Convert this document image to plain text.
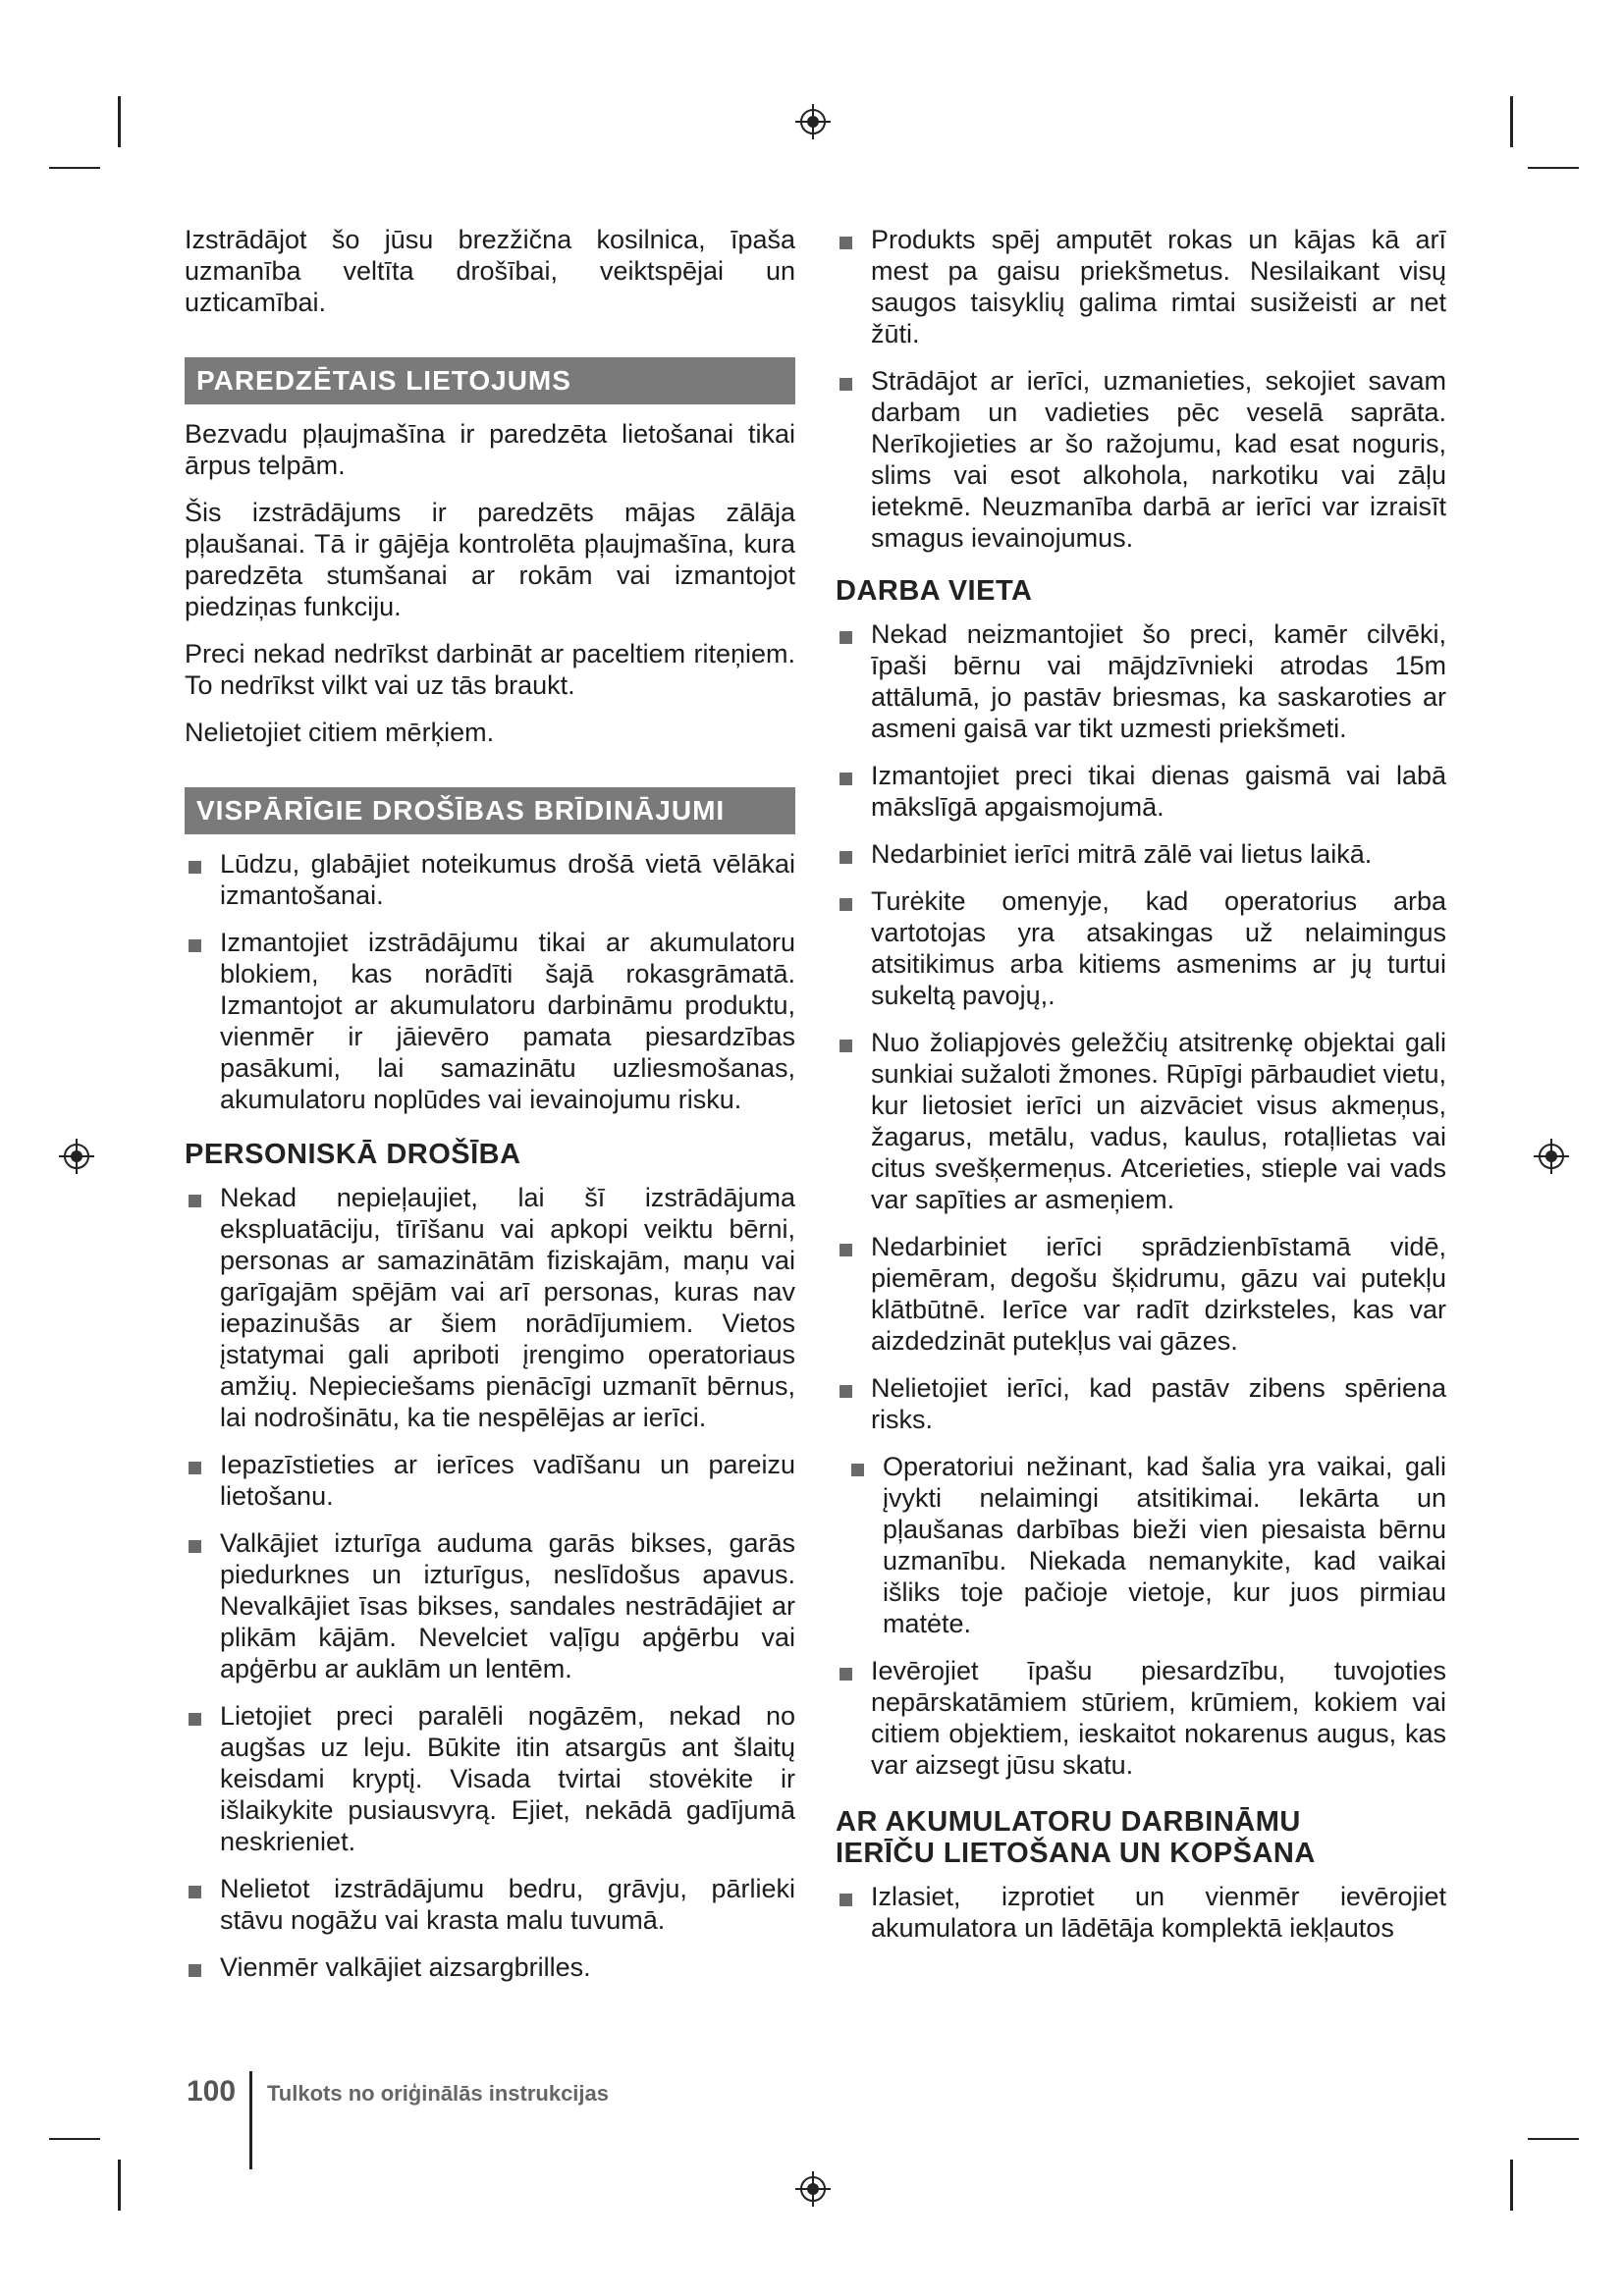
Izstrādājot šo jūsu brezžičnа kosilnica, īpaša uzmanība veltīta drošībai, veiktspējai un uzticamībai.

PAREDZĒTAIS LIETOJUMS

Bezvadu pļaujmašīna ir paredzēta lietošanai tikai ārpus telpām.

Šis izstrādājums ir paredzēts mājas zālāja pļaušanai. Tā ir gājēja kontrolēta pļaujmašīna, kura paredzēta stumšanai ar rokām vai izmantojot piedziņas funkciju.

Preci nekad nedrīkst darbināt ar paceltiem riteņiem. To nedrīkst vilkt vai uz tās braukt.

Nelietojiet citiem mērķiem.

VISPĀRĪGIE DROŠĪBAS BRĪDINĀJUMI
Lūdzu, glabājiet noteikumus drošā vietā vēlākai izmantošanai.
Izmantojiet izstrādājumu tikai ar akumulatoru blokiem, kas norādīti šajā rokasgrāmatā. Izmantojot ar akumulatoru darbināmu produktu, vienmēr ir jāievēro pamata piesardzības pasākumi, lai samazinātu uzliesmošanas, akumulatoru noplūdes vai ievainojumu risku.
PERSONISKĀ DROŠĪBA
Nekad nepieļaujiet, lai šī izstrādājuma ekspluatāciju, tīrīšanu vai apkopi veiktu bērni, personas ar samazinātām fiziskajām, maņu vai garīgajām spējām vai arī personas, kuras nav iepazinušās ar šiem norādījumiem. Vietos įstatymai gali apriboti įrengimo operatoriaus amžių. Nepieciešams pienācīgi uzmanīt bērnus, lai nodrošinātu, ka tie nespēlējas ar ierīci.
Iepazīstieties ar ierīces vadīšanu un pareizu lietošanu.
Valkājiet izturīga auduma garās bikses, garās piedurknes un izturīgus, neslīdošus apavus. Nevalkājiet īsas bikses, sandales nestrādājiet ar plikām kājām. Nevelciet vaļīgu apģērbu vai apģērbu ar auklām un lentēm.
Lietojiet preci paralēli nogāzēm, nekad no augšas uz leju. Būkite itin atsargūs ant šlaitų keisdami kryptį. Visada tvirtai stovėkite ir išlaikykite pusiausvyrą. Ejiet, nekādā gadījumā neskrieniet.
Nelietot izstrādājumu bedru, grāvju, pārlieki stāvu nogāžu vai krasta malu tuvumā.
Vienmēr valkājiet aizsargbrilles.
Produkts spēj amputēt rokas un kājas kā arī mest pa gaisu priekšmetus. Nesilaikant visų saugos taisyklių galima rimtai susižeisti ar net žūti.
Strādājot ar ierīci, uzmanieties, sekojiet savam darbam un vadieties pēc veselā saprāta. Nerīkojieties ar šo ražojumu, kad esat noguris, slims vai esot alkohola, narkotiku vai zāļu ietekmē. Neuzmanība darbā ar ierīci var izraisīt smagus ievainojumus.
DARBA VIETA
Nekad neizmantojiet šo preci, kamēr cilvēki, īpaši bērnu vai mājdzīvnieki atrodas 15m attālumā, jo pastāv briesmas, ka saskaroties ar asmeni gaisā var tikt uzmesti priekšmeti.
Izmantojiet preci tikai dienas gaismā vai labā mākslīgā apgaismojumā.
Nedarbiniet ierīci mitrā zālē vai lietus laikā.
Turėkite omenyje, kad operatorius arba vartotojas yra atsakingas už nelaimingus atsitikimus arba kitiems asmenims ar jų turtui sukeltą pavojų,.
Nuo žoliapjovės geležčių atsitrenkę objektai gali sunkiai sužaloti žmones. Rūpīgi pārbaudiet vietu, kur lietosiet ierīci un aizvāciet visus akmeņus, žagarus, metālu, vadus, kaulus, rotaļlietas vai citus svešķermeņus. Atcerieties, stieple vai vads var sapīties ar asmeņiem.
Nedarbiniet ierīci sprādzienbīstamā vidē, piemēram, degošu šķidrumu, gāzu vai putekļu klātbūtnē. Ierīce var radīt dzirksteles, kas var aizdedzināt putekļus vai gāzes.
Nelietojiet ierīci, kad pastāv zibens spēriena risks.
Operatoriui nežinant, kad šalia yra vaikai, gali įvykti nelaimingi atsitikimai. Iekārta un pļaušanas darbības bieži vien piesaista bērnu uzmanību. Niekada nemanykite, kad vaikai išliks toje pačioje vietoje, kur juos pirmiau matėte.
Ievērojiet īpašu piesardzību, tuvojoties nepārskatāmiem stūriem, krūmiem, kokiem vai citiem objektiem, ieskaitot nokarenus augus, kas var aizsegt jūsu skatu.
AR AKUMULATORU DARBINĀMU
IERĪČU LIETOŠANA UN KOPŠANA
Izlasiet, izprotiet un vienmēr ievērojiet akumulatora un lādētāja komplektā iekļautos
100 Tulkots no oriģinālās instrukcijas
